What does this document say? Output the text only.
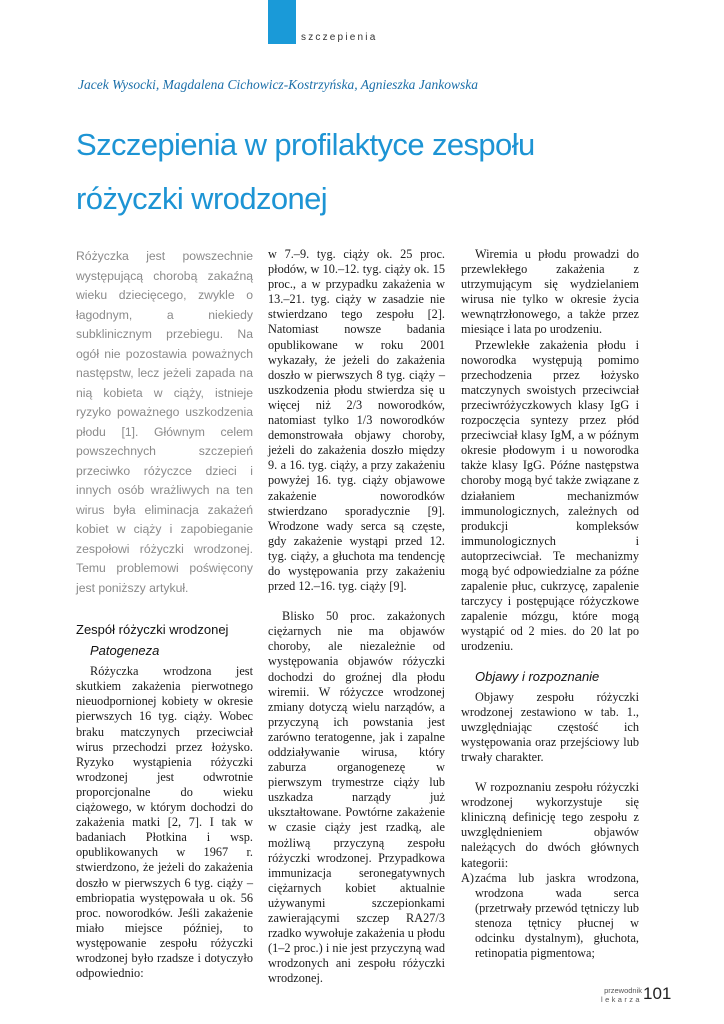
szczepienia
Jacek Wysocki, Magdalena Cichowicz-Kostrzyńska, Agnieszka Jankowska
Szczepienia w profilaktyce zespołu
różyczki wrodzonej

Różyczka jest powszechnie występującą chorobą zakaźną wieku dziecięcego, zwykle o łagodnym, a niekiedy subklinicznym przebiegu. Na ogół nie pozostawia poważnych następstw, lecz jeżeli zapada na nią kobieta w ciąży, istnieje ryzyko poważnego uszkodzenia płodu [1]. Głównym celem powszechnych szczepień przeciwko różyczce dzieci i innych osób wrażliwych na ten wirus była eliminacja zakażeń kobiet w ciąży i zapobieganie zespołowi różyczki wrodzonej. Temu problemowi poświęcony jest poniższy artykuł.

Zespół różyczki wrodzonej
Patogeneza

Różyczka wrodzona jest skutkiem zakażenia pierwotnego nieuodpornionej kobiety w okresie pierwszych 16 tyg. ciąży. Wobec braku matczynych przeciwciał wirus przechodzi przez łożysko. Ryzyko wystąpienia różyczki wrodzonej jest odwrotnie proporcjonalne do wieku ciążowego, w którym dochodzi do zakażenia matki [2, 7]. I tak w badaniach Płotkina i wsp. opublikowanych w 1967 r. stwierdzono, że jeżeli do zakażenia doszło w pierwszych 6 tyg. ciąży – embriopatia występowała u ok. 56 proc. noworodków. Jeśli zakażenie miało miejsce później, to występowanie zespołu różyczki wrodzonej było rzadsze i dotyczyło odpowiednio:

w 7.–9. tyg. ciąży ok. 25 proc. płodów, w 10.–12. tyg. ciąży ok. 15 proc., a w przypadku zakażenia w 13.–21. tyg. ciąży w zasadzie nie stwierdzano tego zespołu [2]. Natomiast nowsze badania opublikowane w roku 2001 wykazały, że jeżeli do zakażenia doszło w pierwszych 8 tyg. ciąży – uszkodzenia płodu stwierdza się u więcej niż 2/3 noworodków, natomiast tylko 1/3 noworodków demonstrowała objawy choroby, jeżeli do zakażenia doszło między 9. a 16. tyg. ciąży, a przy zakażeniu powyżej 16. tyg. ciąży objawowe zakażenie noworodków stwierdzano sporadycznie [9]. Wrodzone wady serca są częste, gdy zakażenie wystąpi przed 12. tyg. ciąży, a głuchota ma tendencję do występowania przy zakażeniu przed 12.–16. tyg. ciąży [9].

Blisko 50 proc. zakażonych ciężarnych nie ma objawów choroby, ale niezależnie od występowania objawów różyczki dochodzi do groźnej dla płodu wiremii. W różyczce wrodzonej zmiany dotyczą wielu narządów, a przyczyną ich powstania jest zarówno teratogenne, jak i zapalne oddziaływanie wirusa, który zaburza organogenezę w pierwszym trymestrze ciąży lub uszkadza narządy już ukształtowane. Powtórne zakażenie w czasie ciąży jest rzadką, ale możliwą przyczyną zespołu różyczki wrodzonej. Przypadkowa immunizacja seronegatywnych ciężarnych kobiet aktualnie używanymi szczepionkami zawierającymi szczep RA27/3 rzadko wywołuje zakażenia u płodu (1–2 proc.) i nie jest przyczyną wad wrodzonych ani zespołu różyczki wrodzonej.

Wiremia u płodu prowadzi do przewlekłego zakażenia z utrzymującym się wydzielaniem wirusa nie tylko w okresie życia wewnątrzłonowego, a także przez miesiące i lata po urodzeniu.

Przewlekłe zakażenia płodu i noworodka występują pomimo przechodzenia przez łożysko matczynych swoistych przeciwciał przeciwróżyczkowych klasy IgG i rozpoczęcia syntezy przez płód przeciwciał klasy IgM, a w późnym okresie płodowym i u noworodka także klasy IgG. Późne następstwa choroby mogą być także związane z działaniem mechanizmów immunologicznych, zależnych od produkcji kompleksów immunologicznych i autoprzeciwciał. Te mechanizmy mogą być odpowiedzialne za późne zapalenie płuc, cukrzycę, zapalenie tarczycy i postępujące różyczkowe zapalenie mózgu, które mogą wystąpić od 2 mies. do 20 lat po urodzeniu.

Objawy i rozpoznanie

Objawy zespołu różyczki wrodzonej zestawiono w tab. 1., uwzględniając częstość ich występowania oraz przejściowy lub trwały charakter.

W rozpoznaniu zespołu różyczki wrodzonej wykorzystuje się kliniczną definicję tego zespołu z uwzględnieniem objawów należących do dwóch głównych kategorii:

A) zaćma lub jaskra wrodzona, wrodzona wada serca (przetrwały przewód tętniczy lub stenoza tętnicy płucnej w odcinku dystalnym), głuchota, retinopatia pigmentowa;
przewodnik
lekarza 101
